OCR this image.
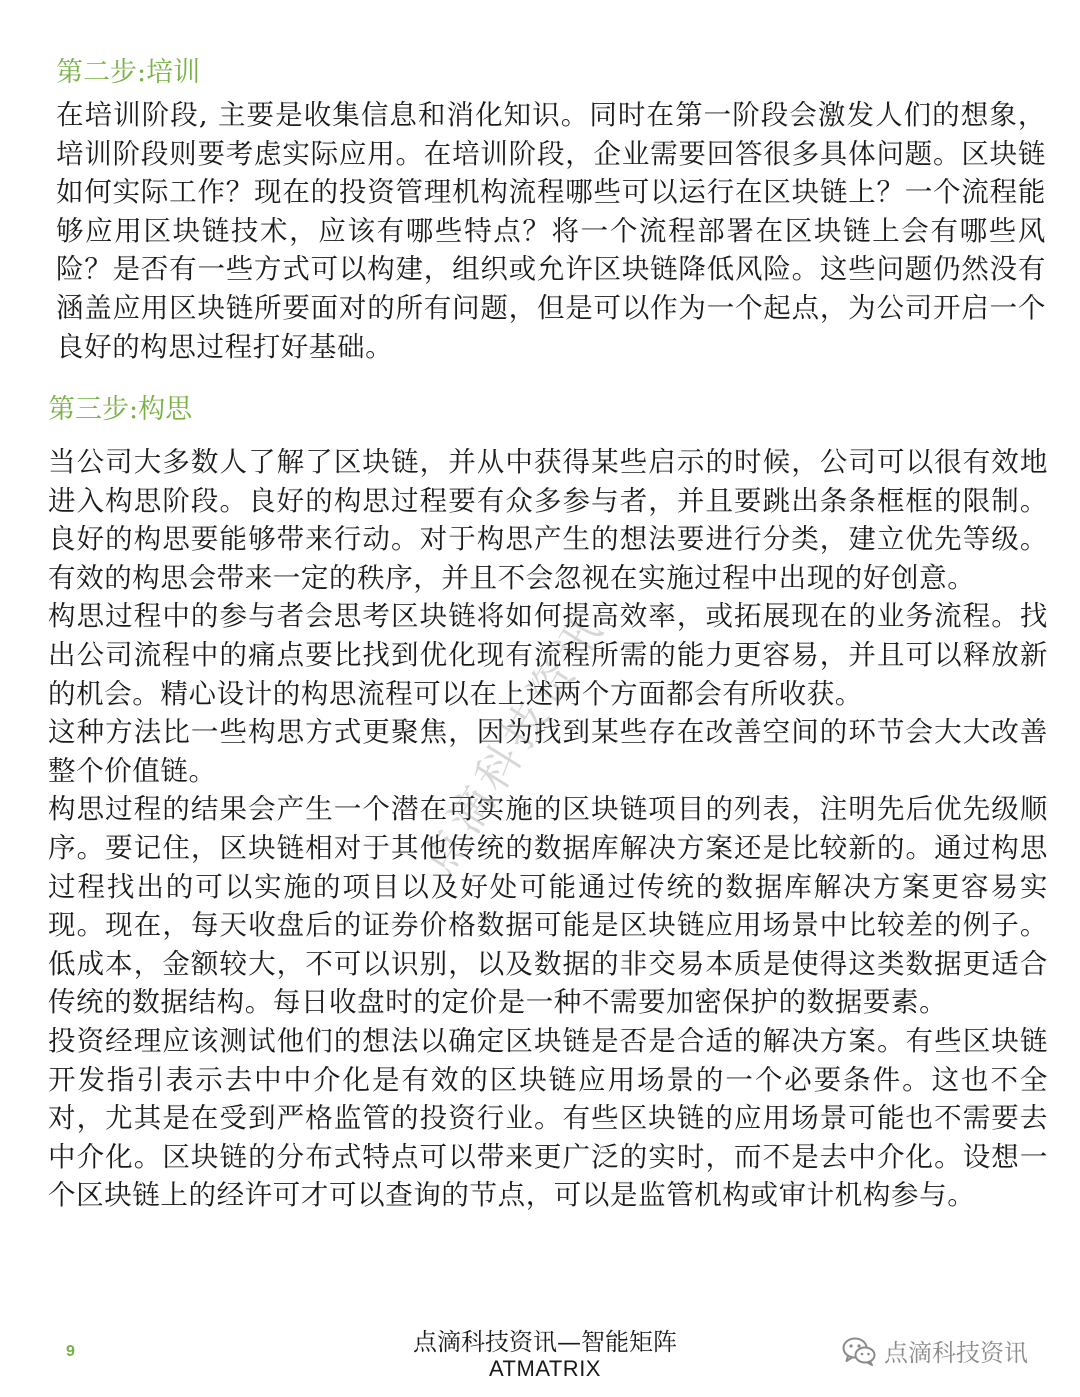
第二步:培训

在培训阶段, 主要是收集信息和消化知识。同时在第一阶段会激发人们的想象，培训阶段则要考虑实际应用。在培训阶段，企业需要回答很多具体问题。区块链如何实际工作？现在的投资管理机构流程哪些可以运行在区块链上？一个流程能够应用区块链技术，应该有哪些特点？将一个流程部署在区块链上会有哪些风险？是否有一些方式可以构建，组织或允许区块链降低风险。这些问题仍然没有涵盖应用区块链所要面对的所有问题，但是可以作为一个起点，为公司开启一个良好的构思过程打好基础。

第三步:构思

当公司大多数人了解了区块链，并从中获得某些启示的时候，公司可以很有效地进入构思阶段。良好的构思过程要有众多参与者，并且要跳出条条框框的限制。良好的构思要能够带来行动。对于构思产生的想法要进行分类，建立优先等级。有效的构思会带来一定的秩序，并且不会忽视在实施过程中出现的好创意。

构思过程中的参与者会思考区块链将如何提高效率，或拓展现在的业务流程。找出公司流程中的痛点要比找到优化现有流程所需的能力更容易，并且可以释放新的机会。精心设计的构思流程可以在上述两个方面都会有所收获。

这种方法比一些构思方式更聚焦，因为找到某些存在改善空间的环节会大大改善整个价值链。

构思过程的结果会产生一个潜在可实施的区块链项目的列表，注明先后优先级顺序。要记住，区块链相对于其他传统的数据库解决方案还是比较新的。通过构思过程找出的可以实施的项目以及好处可能通过传统的数据库解决方案更容易实现。现在，每天收盘后的证券价格数据可能是区块链应用场景中比较差的例子。低成本，金额较大，不可以识别，以及数据的非交易本质是使得这类数据更适合传统的数据结构。每日收盘时的定价是一种不需要加密保护的数据要素。

投资经理应该测试他们的想法以确定区块链是否是合适的解决方案。有些区块链开发指引表示去中中介化是有效的区块链应用场景的一个必要条件。这也不全对，尤其是在受到严格监管的投资行业。有些区块链的应用场景可能也不需要去中介化。区块链的分布式特点可以带来更广泛的实时，而不是去中介化。设想一个区块链上的经许可才可以查询的节点，可以是监管机构或审计机构参与。

点滴科技资讯
9	点滴科技资讯—智能矩阵
ATMATRIX
点滴科技资讯
